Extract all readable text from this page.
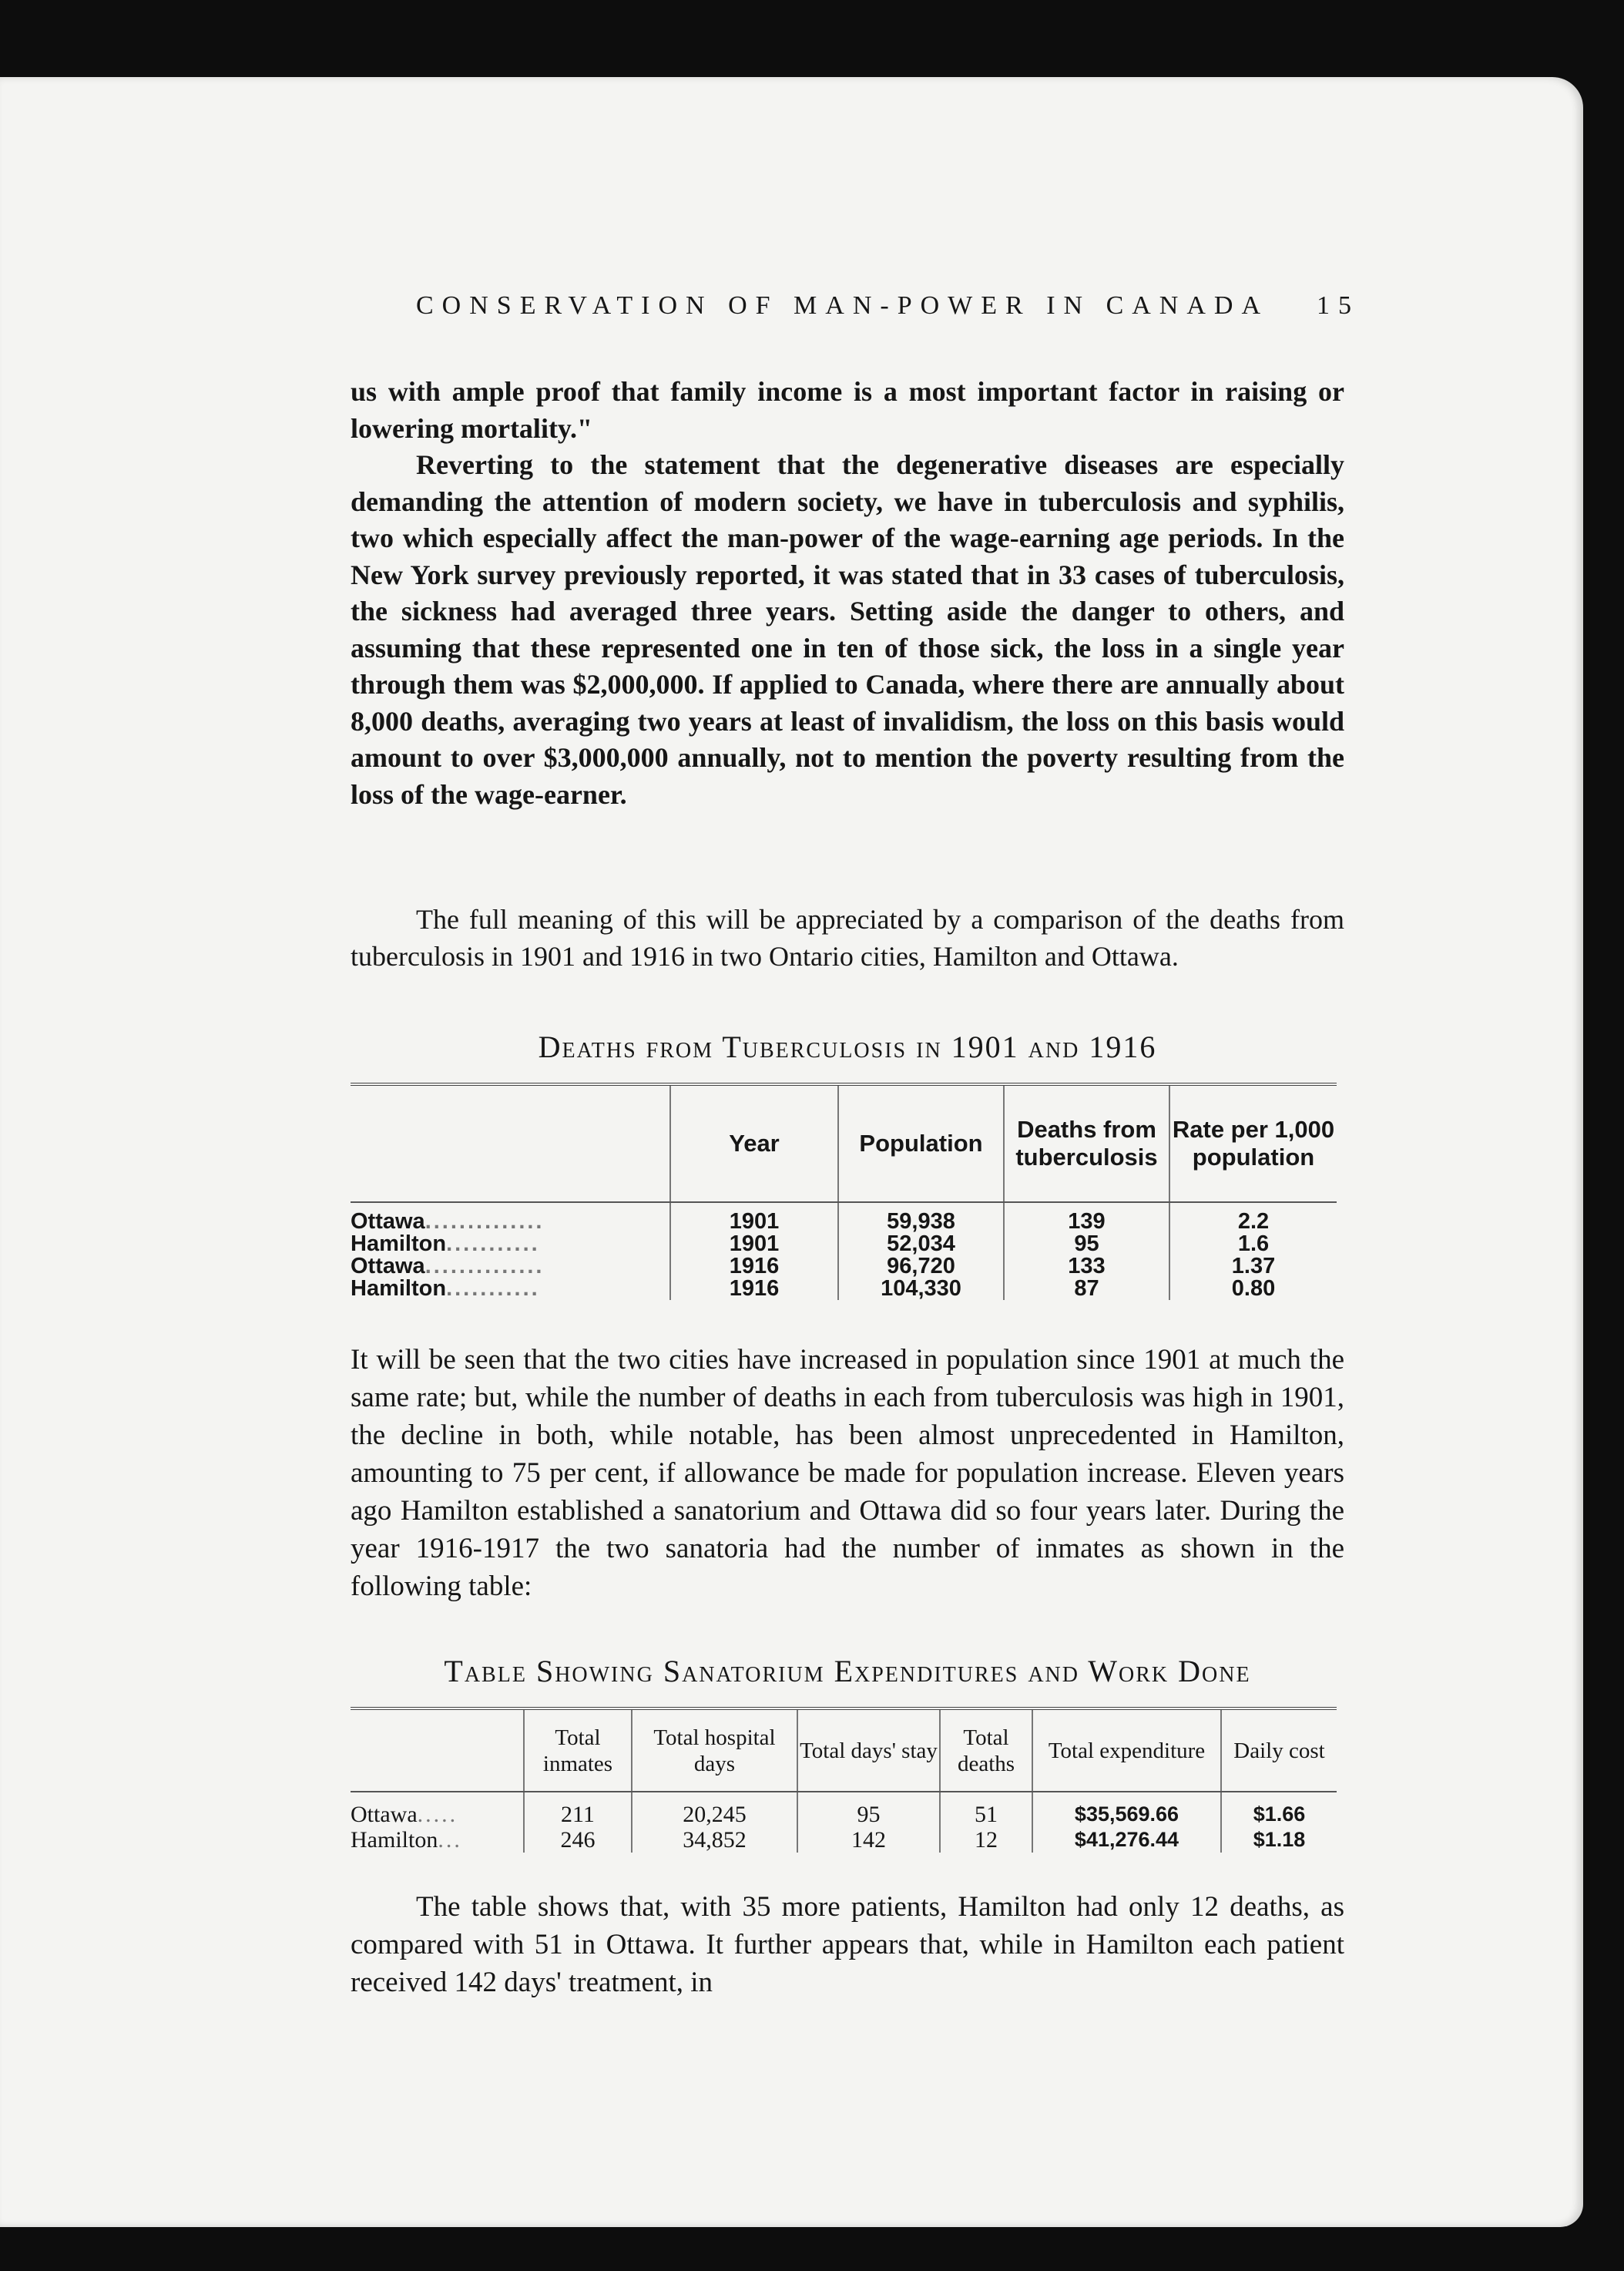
CONSERVATION OF MAN-POWER IN CANADA 15

us with ample proof that family income is a most important factor in raising or lowering mortality."

Reverting to the statement that the degenerative diseases are especially demanding the attention of modern society, we have in tuberculosis and syphilis, two which especially affect the man-power of the wage-earning age periods. In the New York survey previously reported, it was stated that in 33 cases of tuberculosis, the sickness had averaged three years. Setting aside the danger to others, and assuming that these represented one in ten of those sick, the loss in a single year through them was $2,000,000. If applied to Canada, where there are annually about 8,000 deaths, averaging two years at least of invalidism, the loss on this basis would amount to over $3,000,000 annually, not to mention the poverty resulting from the loss of the wage-earner.

The full meaning of this will be appreciated by a comparison of the deaths from tuberculosis in 1901 and 1916 in two Ontario cities, Hamilton and Ottawa.

Deaths from Tuberculosis in 1901 and 1916

	Year	Population	Deaths from tuberculosis	Rate per 1,000 population
Ottawa..............	1901	59,938	139	2.2
Hamilton...........	1901	52,034	95	1.6
Ottawa..............	1916	96,720	133	1.37
Hamilton...........	1916	104,330	87	0.80

It will be seen that the two cities have increased in population since 1901 at much the same rate; but, while the number of deaths in each from tuberculosis was high in 1901, the decline in both, while notable, has been almost unprecedented in Hamilton, amounting to 75 per cent, if allowance be made for population increase. Eleven years ago Hamilton established a sanatorium and Ottawa did so four years later. During the year 1916-1917 the two sanatoria had the number of inmates as shown in the following table:

Table Showing Sanatorium Expenditures and Work Done

	Total inmates	Total hospital days	Total days' stay	Total deaths	Total expenditure	Daily cost
Ottawa.....	211	20,245	95	51	$35,569.66	$1.66
Hamilton...	246	34,852	142	12	$41,276.44	$1.18

The table shows that, with 35 more patients, Hamilton had only 12 deaths, as compared with 51 in Ottawa. It further appears that, while in Hamilton each patient received 142 days' treatment, in
